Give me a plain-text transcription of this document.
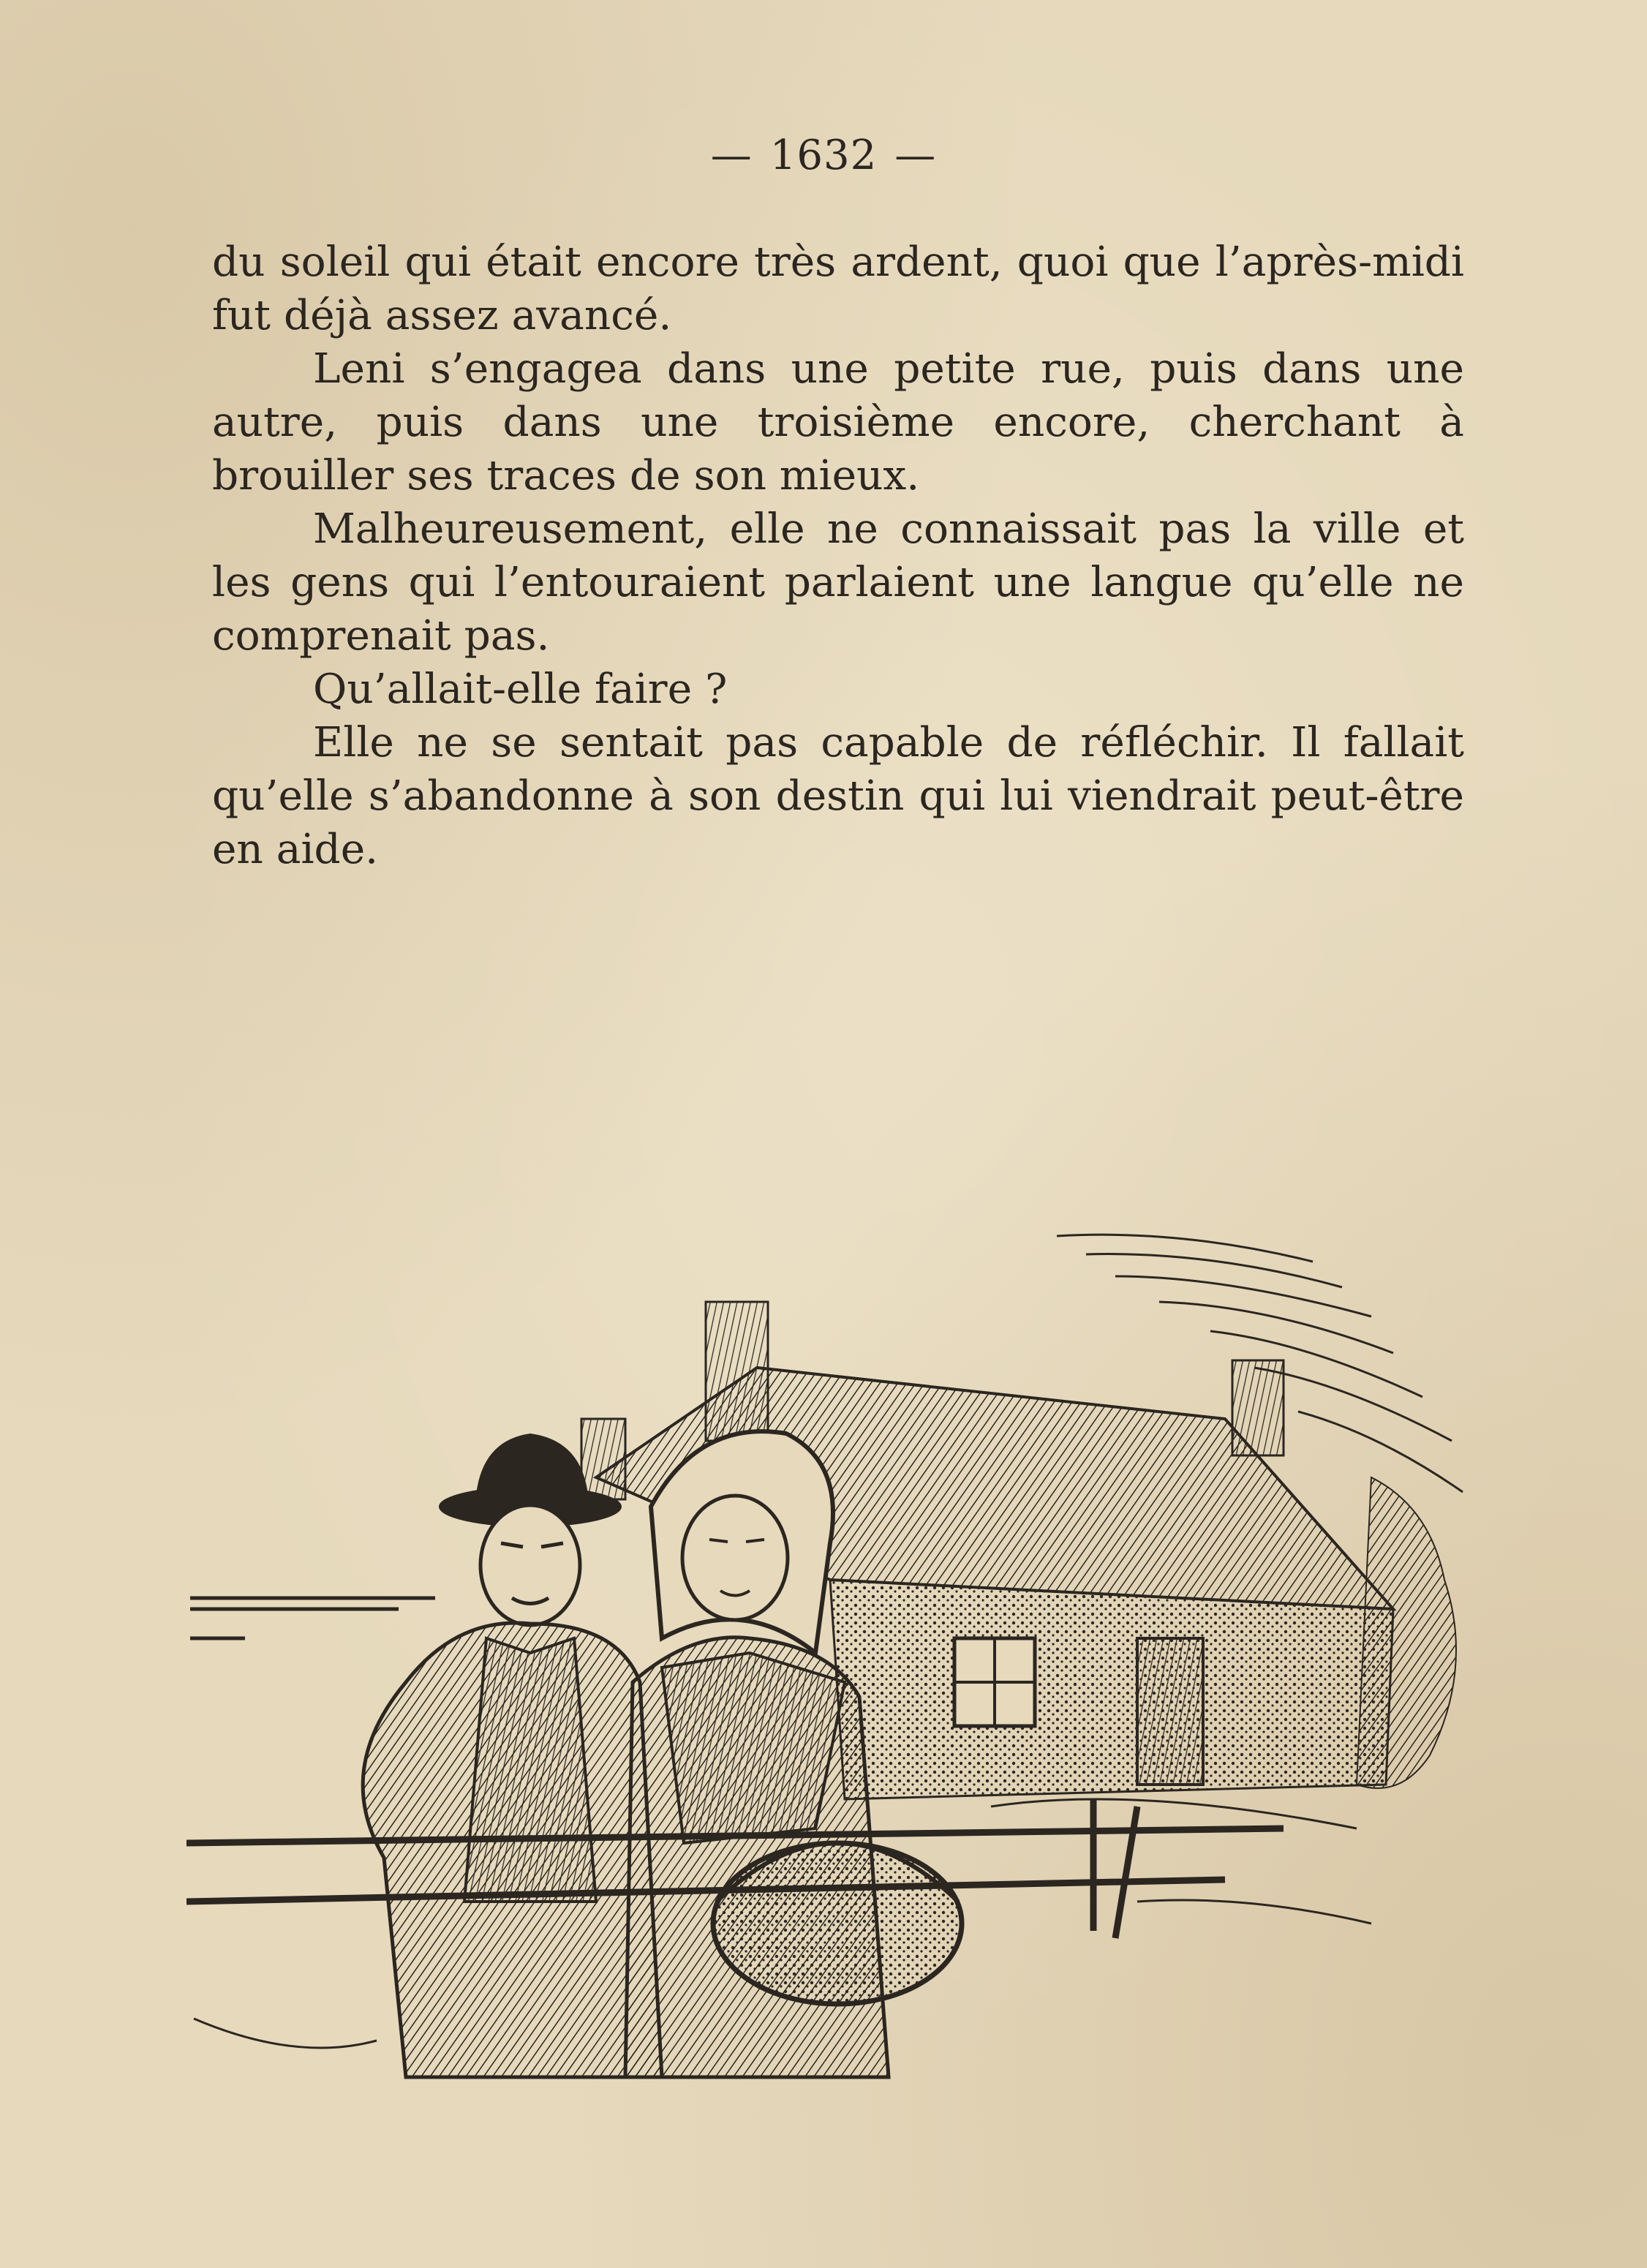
— 1632 —

du soleil qui était encore très ardent, quoi que l’après-midi fut déjà assez avancé.

Leni s’engagea dans une petite rue, puis dans une autre, puis dans une troisième encore, cherchant à brouiller ses traces de son mieux.

Malheureusement, elle ne connaissait pas la ville et les gens qui l’entouraient parlaient une langue qu’elle ne comprenait pas.

Qu’allait-elle faire ?

Elle ne se sentait pas capable de réfléchir. Il fallait qu’elle s’abandonne à son destin qui lui viendrait peut-être en aide.
